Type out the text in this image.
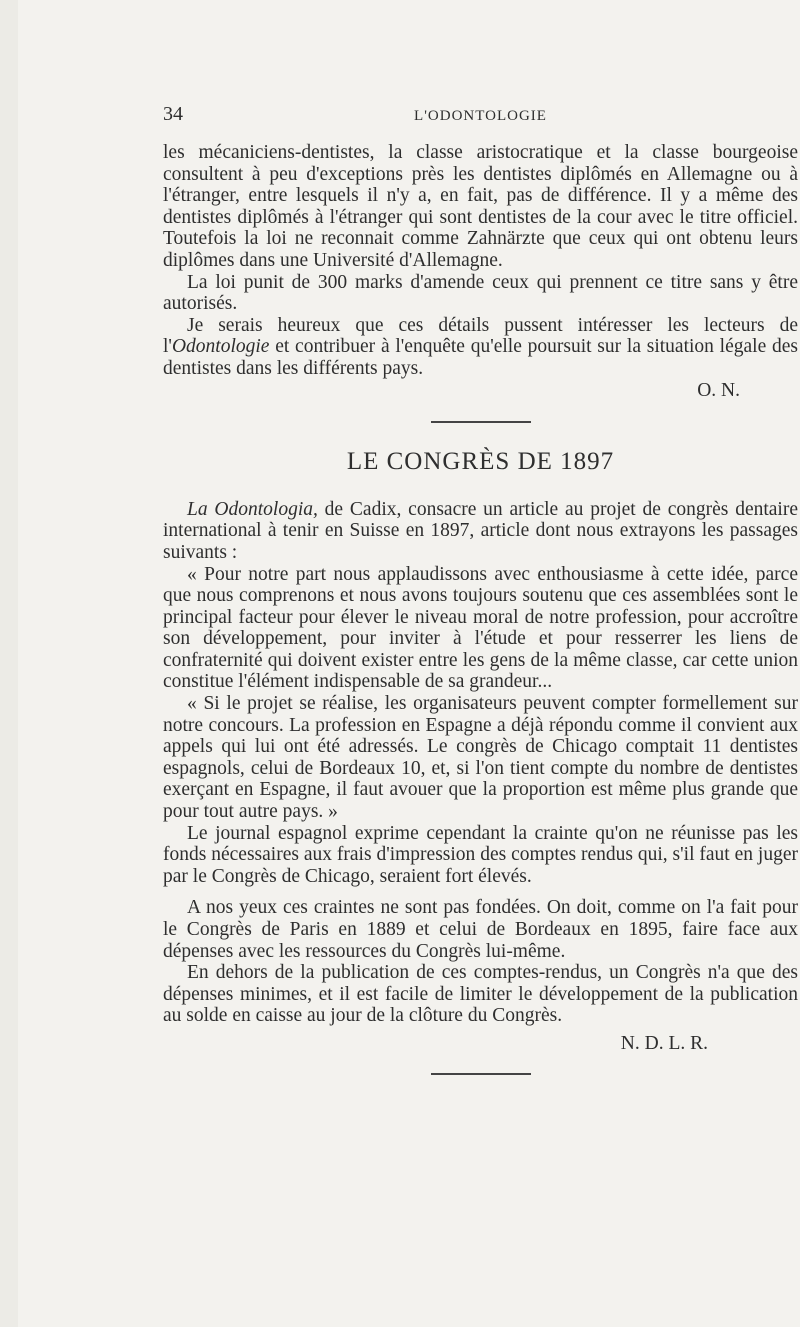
34	L'ODONTOLOGIE

les mécaniciens-dentistes, la classe aristocratique et la classe bourgeoise consultent à peu d'exceptions près les dentistes diplômés en Allemagne ou à l'étranger, entre lesquels il n'y a, en fait, pas de différence. Il y a même des dentistes diplômés à l'étranger qui sont dentistes de la cour avec le titre officiel. Toutefois la loi ne reconnait comme Zahnärzte que ceux qui ont obtenu leurs diplômes dans une Université d'Allemagne.

La loi punit de 300 marks d'amende ceux qui prennent ce titre sans y être autorisés.

Je serais heureux que ces détails pussent intéresser les lecteurs de l'Odontologie et contribuer à l'enquête qu'elle poursuit sur la situation légale des dentistes dans les différents pays.

O. N.
LE CONGRÈS DE 1897

La Odontologia, de Cadix, consacre un article au projet de congrès dentaire international à tenir en Suisse en 1897, article dont nous extrayons les passages suivants :

« Pour notre part nous applaudissons avec enthousiasme à cette idée, parce que nous comprenons et nous avons toujours soutenu que ces assemblées sont le principal facteur pour élever le niveau moral de notre profession, pour accroître son développement, pour inviter à l'étude et pour resserrer les liens de confraternité qui doivent exister entre les gens de la même classe, car cette union constitue l'élément indispensable de sa grandeur...

« Si le projet se réalise, les organisateurs peuvent compter formellement sur notre concours. La profession en Espagne a déjà répondu comme il convient aux appels qui lui ont été adressés. Le congrès de Chicago comptait 11 dentistes espagnols, celui de Bordeaux 10, et, si l'on tient compte du nombre de dentistes exerçant en Espagne, il faut avouer que la proportion est même plus grande que pour tout autre pays. »

Le journal espagnol exprime cependant la crainte qu'on ne réunisse pas les fonds nécessaires aux frais d'impression des comptes rendus qui, s'il faut en juger par le Congrès de Chicago, seraient fort élevés.

A nos yeux ces craintes ne sont pas fondées. On doit, comme on l'a fait pour le Congrès de Paris en 1889 et celui de Bordeaux en 1895, faire face aux dépenses avec les ressources du Congrès lui-même.

En dehors de la publication de ces comptes-rendus, un Congrès n'a que des dépenses minimes, et il est facile de limiter le développement de la publication au solde en caisse au jour de la clôture du Congrès.

N. D. L. R.
